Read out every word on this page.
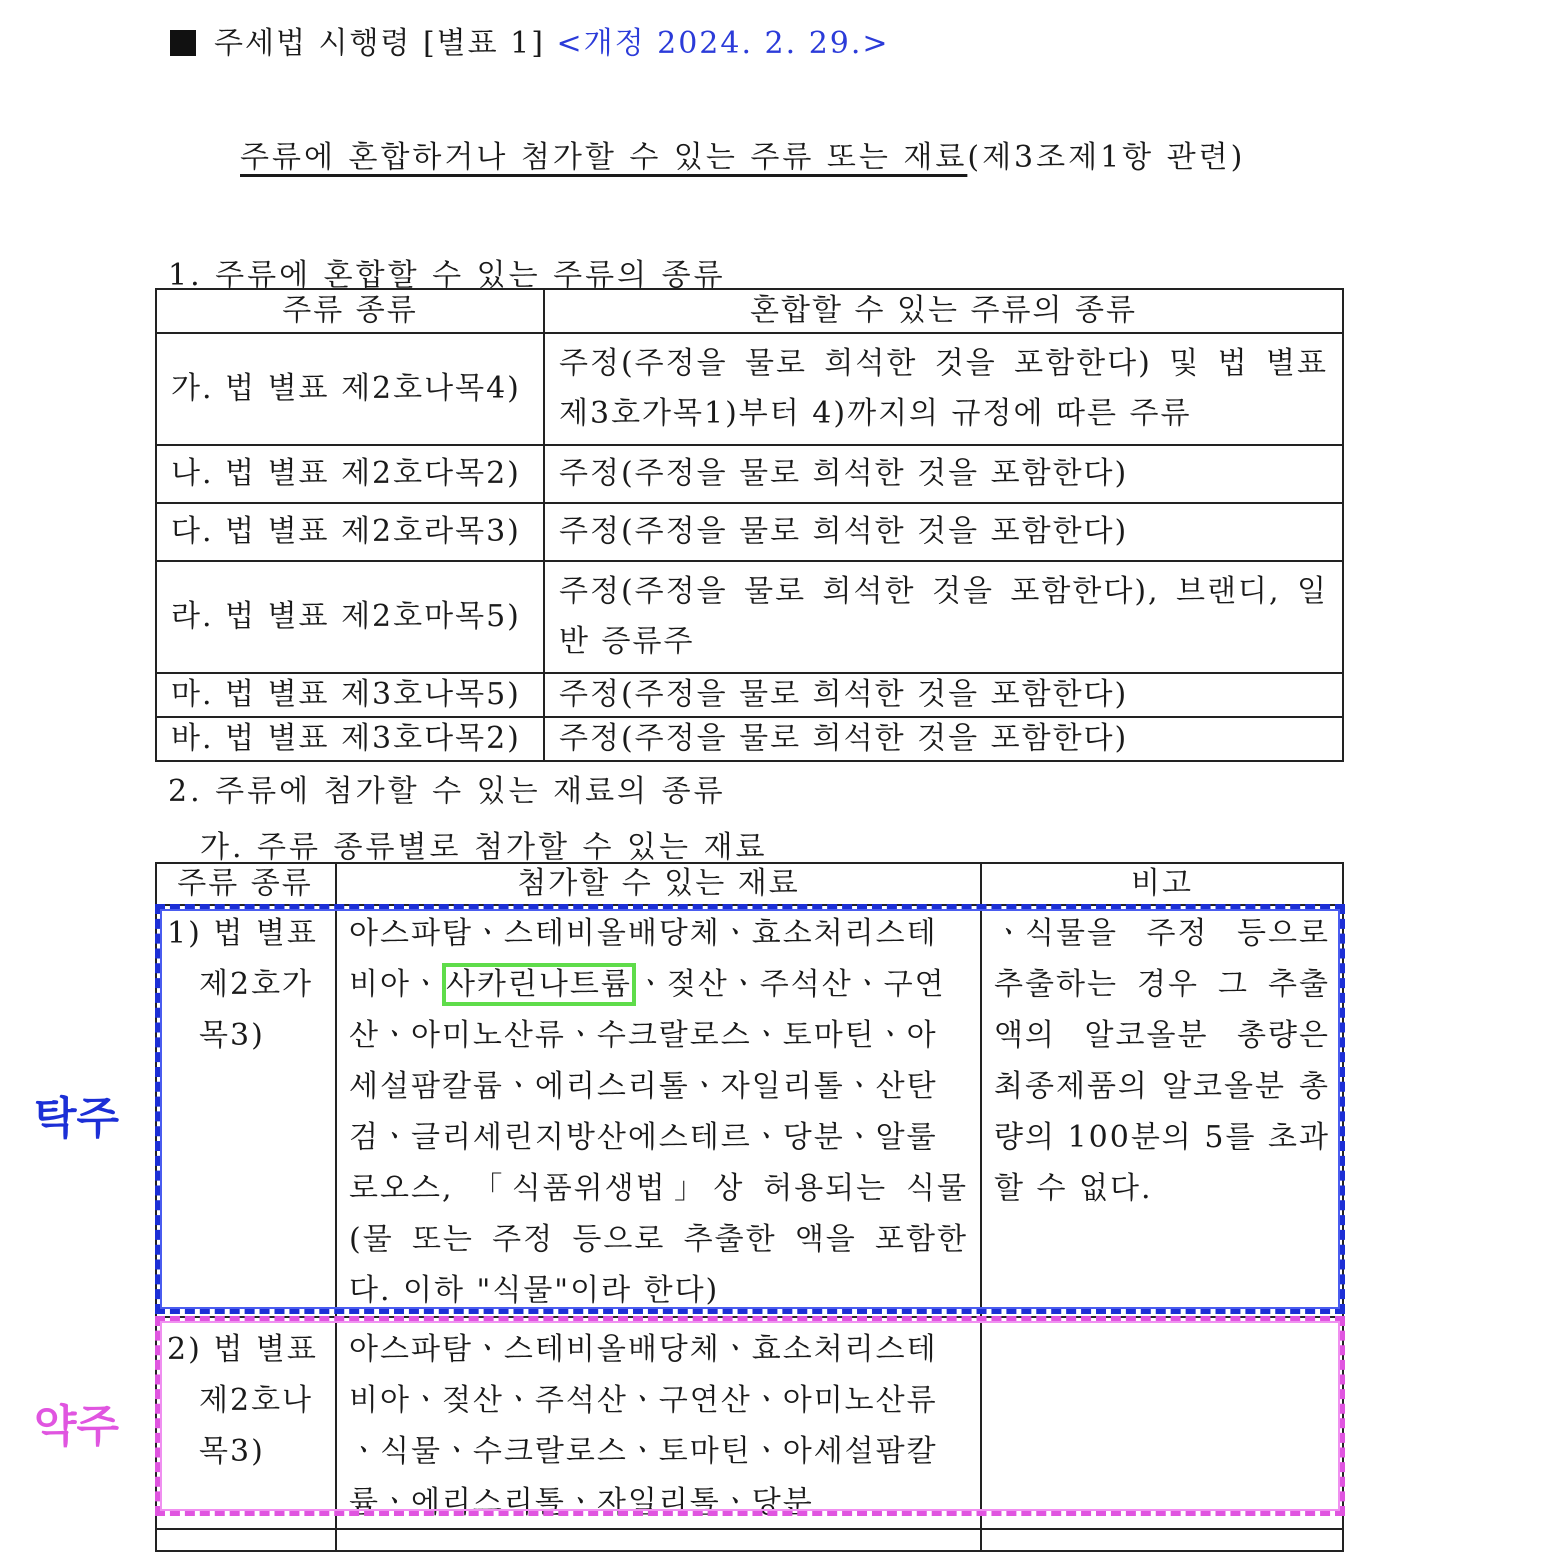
주세법 시행령 [별표 1] <개정 2024. 2. 29.>
주류에 혼합하거나 첨가할 수 있는 주류 또는 재료(제3조제1항 관련)
1. 주류에 혼합할 수 있는 주류의 종류
주류 종류	혼합할 수 있는 주류의 종류
가. 법 별표 제2호나목4)	주정(주정을 물로 희석한 것을 포함한다) 및 법 별표 제3호가목1)부터 4)까지의 규정에 따른 주류
나. 법 별표 제2호다목2)	주정(주정을 물로 희석한 것을 포함한다)
다. 법 별표 제2호라목3)	주정(주정을 물로 희석한 것을 포함한다)
라. 법 별표 제2호마목5)	주정(주정을 물로 희석한 것을 포함한다), 브랜디, 일반 증류주
마. 법 별표 제3호나목5)	주정(주정을 물로 희석한 것을 포함한다)
바. 법 별표 제3호다목2)	주정(주정을 물로 희석한 것을 포함한다)
2. 주류에 첨가할 수 있는 재료의 종류
가. 주류 종류별로 첨가할 수 있는 재료
주류 종류	첨가할 수 있는 재료	비고

1) 법 별표
제2호가목3)	아스파탐ㆍ스테비올배당체ㆍ효소처리스테비아ㆍ 사카린나트륨 ㆍ젖산ㆍ주석산ㆍ구연산ㆍ아미노산류ㆍ수크랄로스ㆍ토마틴ㆍ아세설팜칼륨ㆍ에리스리톨ㆍ자일리톨ㆍ산탄검ㆍ글리세린지방산에스테르ㆍ당분ㆍ알룰로오스, 「식품위생법」상 허용되는 식물(물 또는 주정 등으로 추출한 액을 포함한다. 이하 "식물"이라 한다)	ㆍ식물을 주정 등으로 추출하는 경우 그 추출액의 알코올분 총량은 최종제품의 알코올분 총량의 100분의 5를 초과할 수 없다.

2) 법 별표
제2호나목3)	아스파탐ㆍ스테비올배당체ㆍ효소처리스테비아ㆍ젖산ㆍ주석산ㆍ구연산ㆍ아미노산류ㆍ식물ㆍ수크랄로스ㆍ토마틴ㆍ아세설팜칼륨ㆍ에리스리톨ㆍ자일리톨ㆍ당분	

탁주
약주
